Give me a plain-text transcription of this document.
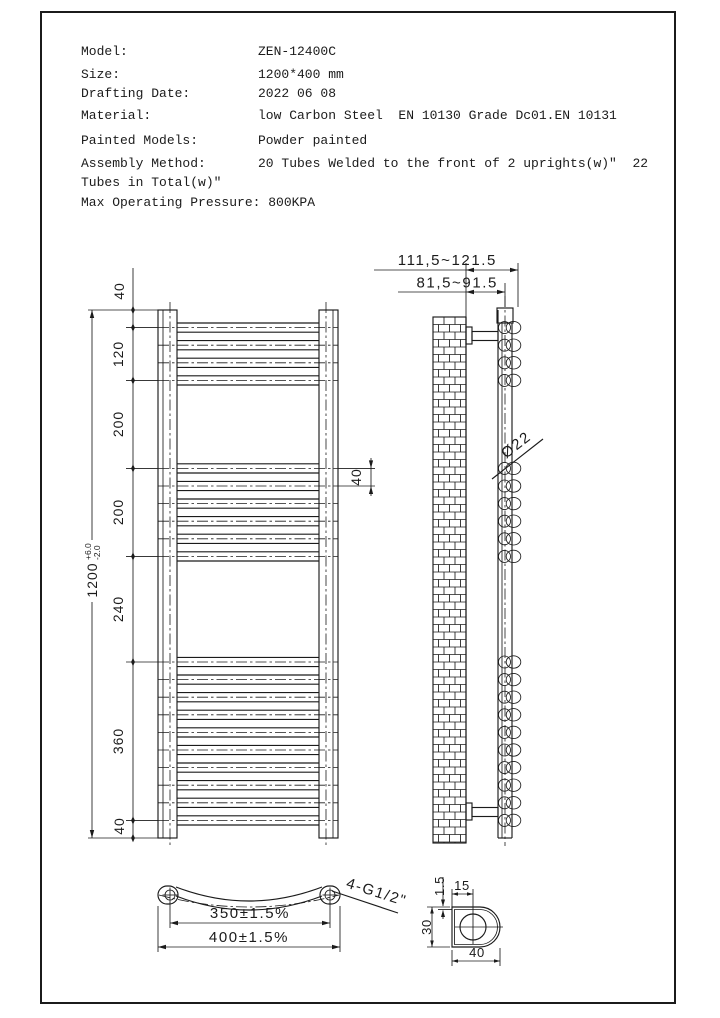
Model:	ZEN-12400C
Size:	1200*400 mm
Drafting Date:	2022 06 08
Material:	low Carbon Steel  EN 10130 Grade Dc01.EN 10131
Painted Models:	Powder painted
Assembly Method:	20 Tubes Welded to the front of 2 uprights(w)″  22
Tubes in Total(w)″
Max Operating Pressure: 800KPA
1200
+6.0 -2.0
40
120
200
200
240
360
40
40
111,5~121.5
81,5~91.5
Ø22
350±1.5%
400±1.5%
4-G1/2"	15
1.5
30
40
